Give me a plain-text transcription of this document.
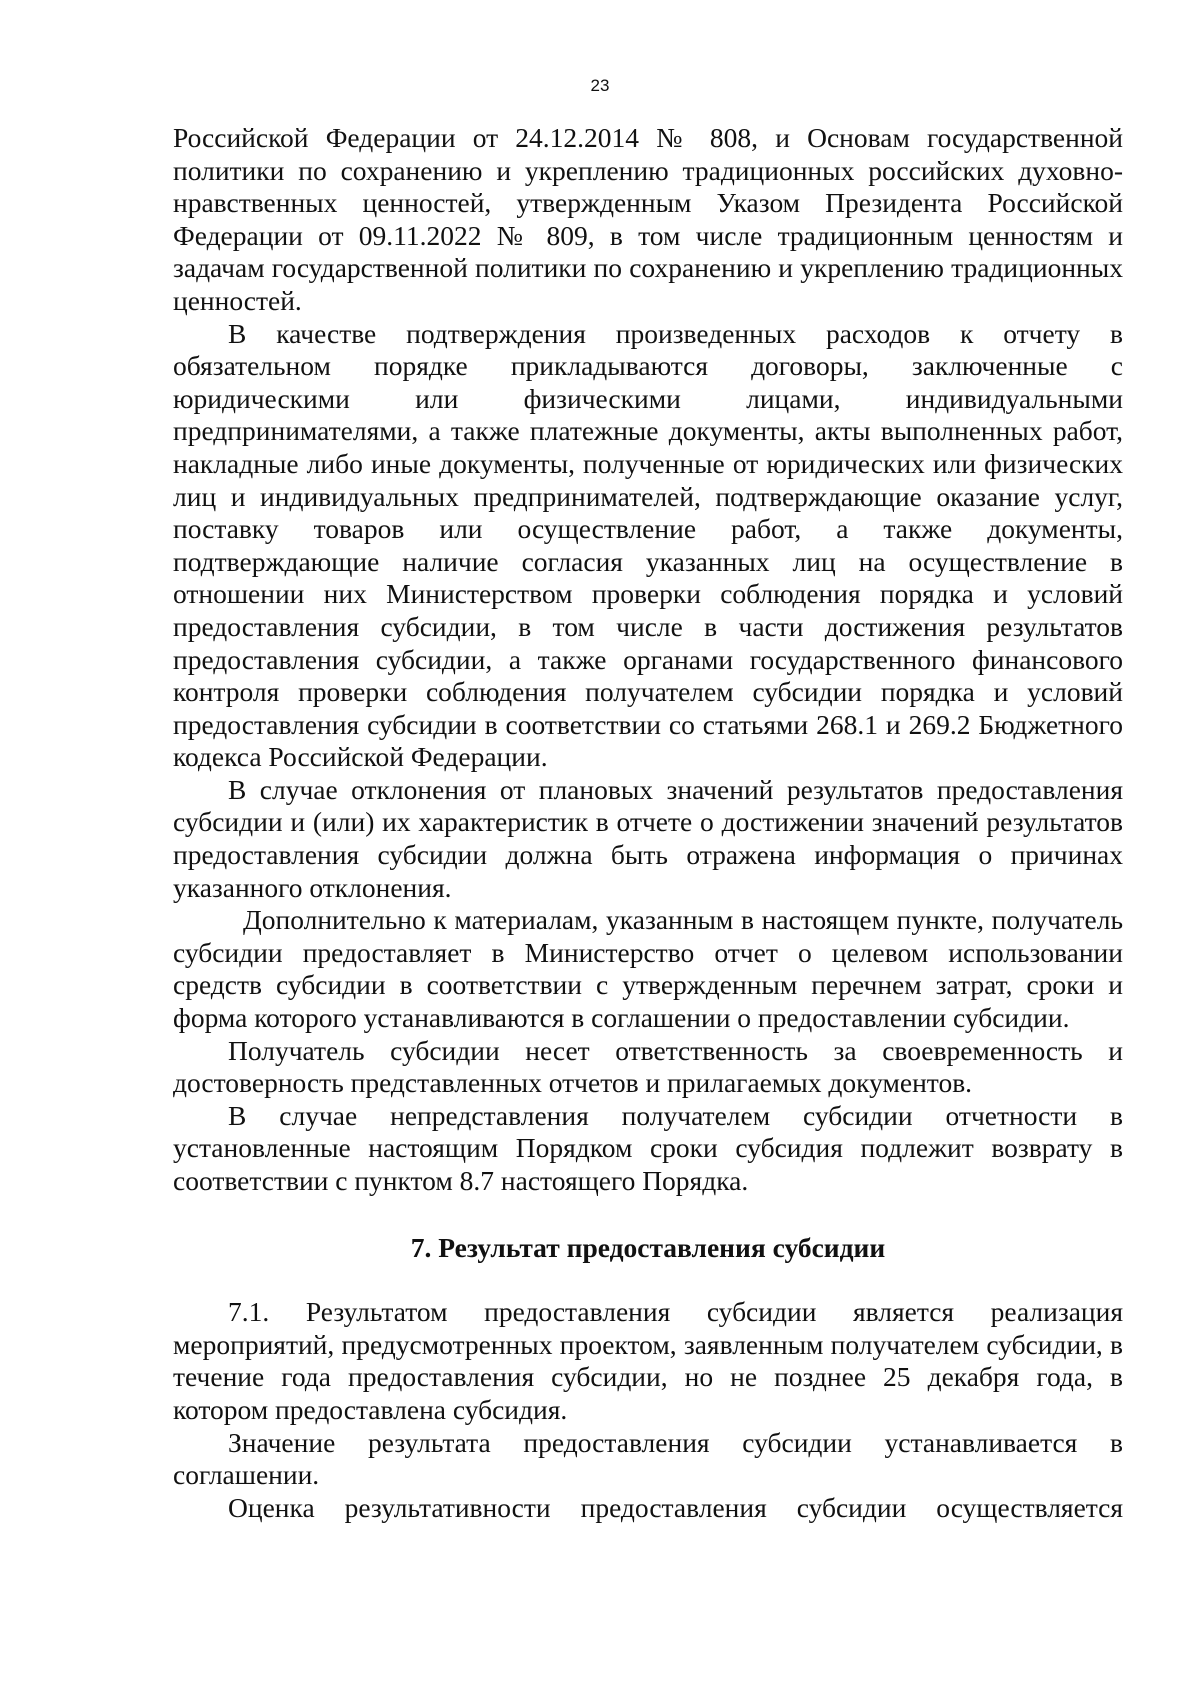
23

Российской Федерации от 24.12.2014 № 808, и Основам государственной политики по сохранению и укреплению традиционных российских духовно-нравственных ценностей, утвержденным Указом Президента Российской Федерации от 09.11.2022 № 809, в том числе традиционным ценностям и задачам государственной политики по сохранению и укреплению традиционных ценностей.

В качестве подтверждения произведенных расходов к отчету в обязательном порядке прикладываются договоры, заключенные с юридическими или физическими лицами, индивидуальными предпринимателями, а также платежные документы, акты выполненных работ, накладные либо иные документы, полученные от юридических или физических лиц и индивидуальных предпринимателей, подтверждающие оказание услуг, поставку товаров или осуществление работ, а также документы, подтверждающие наличие согласия указанных лиц на осуществление в отношении них Министерством проверки соблюдения порядка и условий предоставления субсидии, в том числе в части достижения результатов предоставления субсидии, а также органами государственного финансового контроля проверки соблюдения получателем субсидии порядка и условий предоставления субсидии в соответствии со статьями 268.1 и 269.2 Бюджетного кодекса Российской Федерации.

В случае отклонения от плановых значений результатов предоставления субсидии и (или) их характеристик в отчете о достижении значений результатов предоставления субсидии должна быть отражена информация о причинах указанного отклонения.

Дополнительно к материалам, указанным в настоящем пункте, получатель субсидии предоставляет в Министерство отчет о целевом использовании средств субсидии в соответствии с утвержденным перечнем затрат, сроки и форма которого устанавливаются в соглашении о предоставлении субсидии.

Получатель субсидии несет ответственность за своевременность и достоверность представленных отчетов и прилагаемых документов.

В случае непредставления получателем субсидии отчетности в установленные настоящим Порядком сроки субсидия подлежит возврату в соответствии с пунктом 8.7 настоящего Порядка.

7. Результат предоставления субсидии

7.1. Результатом предоставления субсидии является реализация мероприятий, предусмотренных проектом, заявленным получателем субсидии, в течение года предоставления субсидии, но не позднее 25 декабря года, в котором предоставлена субсидия.

Значение результата предоставления субсидии устанавливается в соглашении.

Оценка результативности предоставления субсидии осуществляется
